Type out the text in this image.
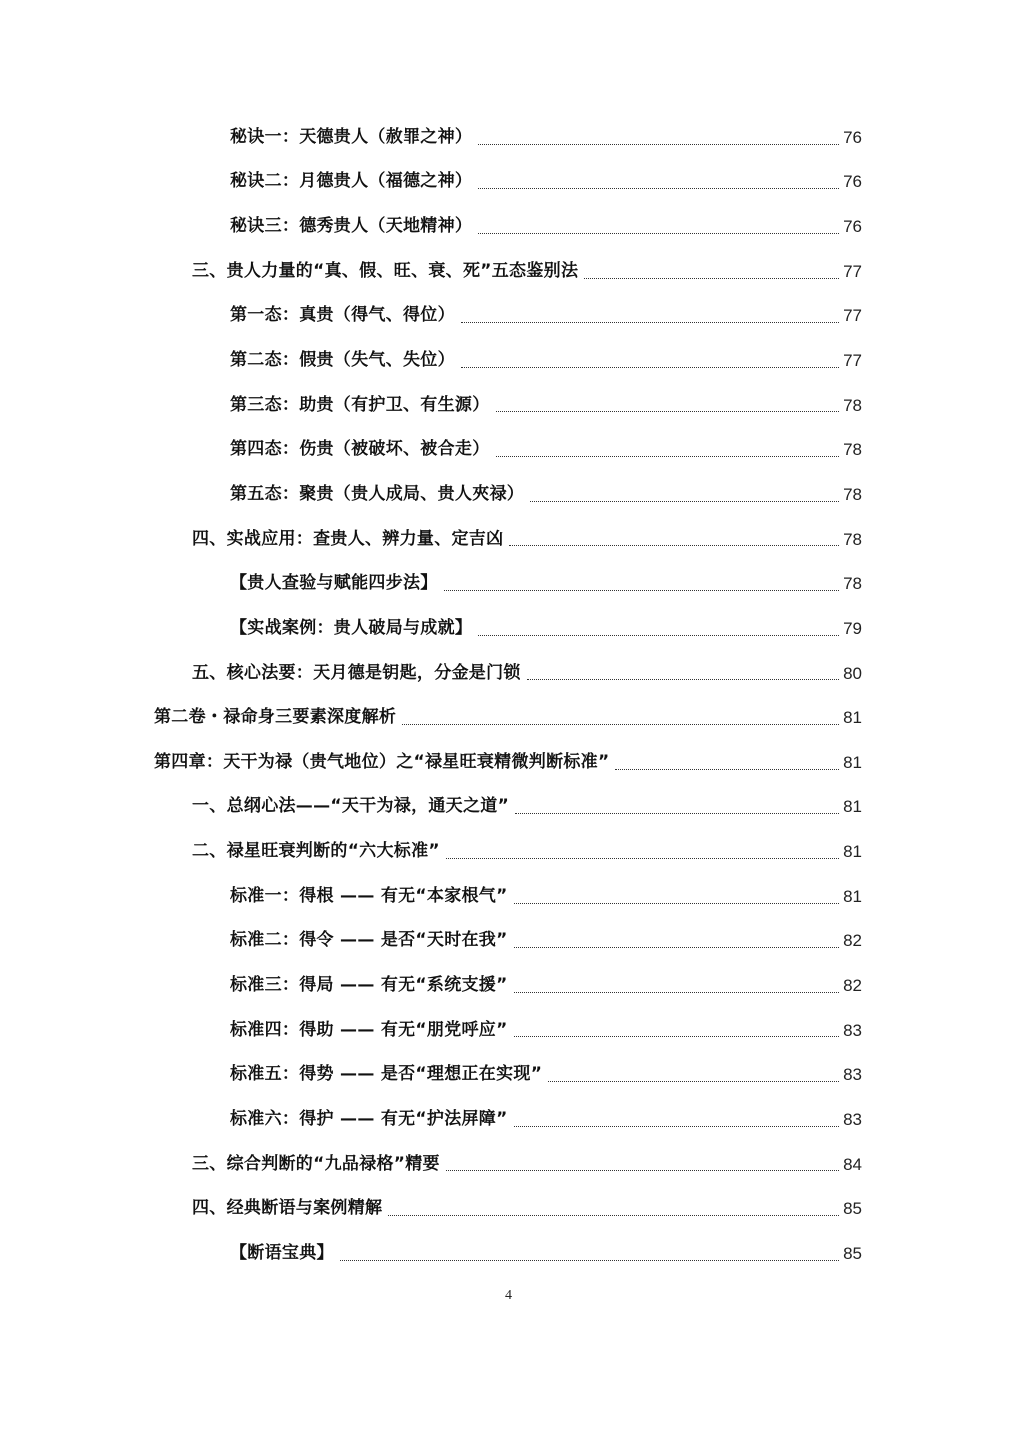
秘诀一：天德贵人（赦罪之神）	76
秘诀二：月德贵人（福德之神）	76
秘诀三：德秀贵人（天地精神）	76
三、贵人力量的“真、假、旺、衰、死”五态鉴别法	77
第一态：真贵（得气、得位）	77
第二态：假贵（失气、失位）	77
第三态：助贵（有护卫、有生源）	78
第四态：伤贵（被破坏、被合走）	78
第五态：聚贵（贵人成局、贵人夾禄）	78
四、实战应用：查贵人、辨力量、定吉凶	78
【贵人查验与赋能四步法】	78
【实战案例：贵人破局与成就】	79
五、核心法要：天月德是钥匙，分金是门锁	80
第二卷・禄命身三要素深度解析	81
第四章：天干为禄（贵气地位）之“禄星旺衰精微判断标准”	81
一、总纲心法——“天干为禄，通天之道”	81
二、禄星旺衰判断的“六大标准”	81
标准一：得根 —— 有无“本家根气”	81
标准二：得令 —— 是否“天时在我”	82
标准三：得局 —— 有无“系统支援”	82
标准四：得助 —— 有无“朋党呼应”	83
标准五：得势 —— 是否“理想正在实现”	83
标准六：得护 —— 有无“护法屏障”	83
三、综合判断的“九品禄格”精要	84
四、经典断语与案例精解	85
【断语宝典】	85
4
